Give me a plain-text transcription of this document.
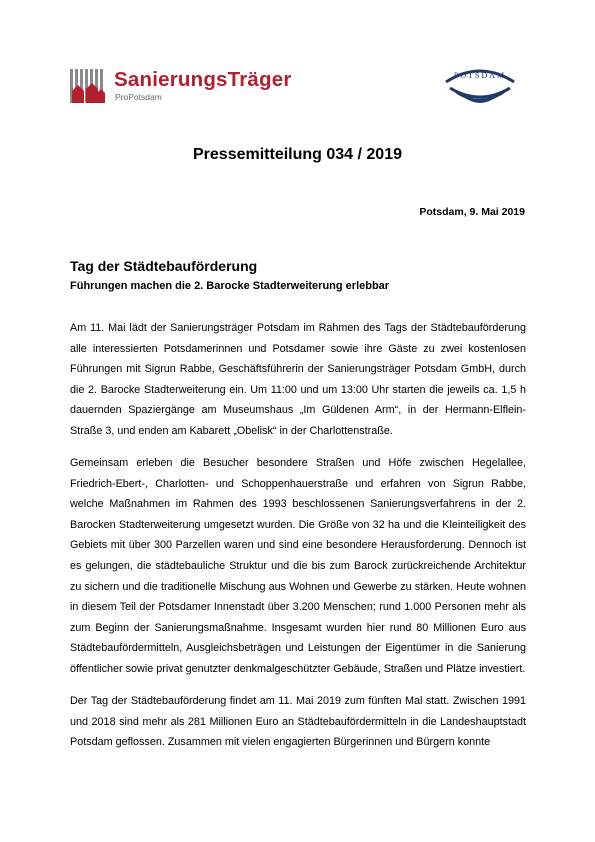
SanierungsTräger
ProPotsdam
POTSDAM
Pressemitteilung 034 / 2019
Potsdam, 9. Mai 2019
Tag der Städtebauförderung
Führungen machen die 2. Barocke Stadterweiterung erlebbar
Am 11. Mai lädt der Sanierungsträger Potsdam im Rahmen des Tags der Städtebauförderung alle interessierten Potsdamerinnen und Potsdamer sowie ihre Gäste zu zwei kostenlosen Führungen mit Sigrun Rabbe, Geschäftsführerin der Sanierungsträger Potsdam GmbH, durch die 2. Barocke Stadterweiterung ein. Um 11:00 und um 13:00 Uhr starten die jeweils ca. 1,5 h dauernden Spaziergänge am Museumshaus „Im Güldenen Arm“, in der Hermann-Elflein-Straße 3, und enden am Kabarett „Obelisk“ in der Charlottenstraße.
Gemeinsam erleben die Besucher besondere Straßen und Höfe zwischen Hegelallee, Friedrich-Ebert-, Charlotten- und Schoppenhauerstraße und erfahren von Sigrun Rabbe, welche Maßnahmen im Rahmen des 1993 beschlossenen Sanierungsverfahrens in der 2. Barocken Stadterweiterung umgesetzt wurden. Die Größe von 32 ha und die Kleinteiligkeit des Gebiets mit über 300 Parzellen waren und sind eine besondere Herausforderung. Dennoch ist es gelungen, die städtebauliche Struktur und die bis zum Barock zurückreichende Architektur zu sichern und die traditionelle Mischung aus Wohnen und Gewerbe zu stärken. Heute wohnen in diesem Teil der Potsdamer Innenstadt über 3.200 Menschen; rund 1.000 Personen mehr als zum Beginn der Sanierungsmaßnahme. Insgesamt wurden hier rund 80 Millionen Euro aus Städtebaufördermitteln, Ausgleichsbeträgen und Leistungen der Eigentümer in die Sanierung öffentlicher sowie privat genutzter denkmalgeschützter Gebäude, Straßen und Plätze investiert.
Der Tag der Städtebauförderung findet am 11. Mai 2019 zum fünften Mal statt. Zwischen 1991 und 2018 sind mehr als 281 Millionen Euro an Städtebaufördermitteln in die Landeshauptstadt Potsdam geflossen. Zusammen mit vielen engagierten Bürgerinnen und Bürgern konnte
